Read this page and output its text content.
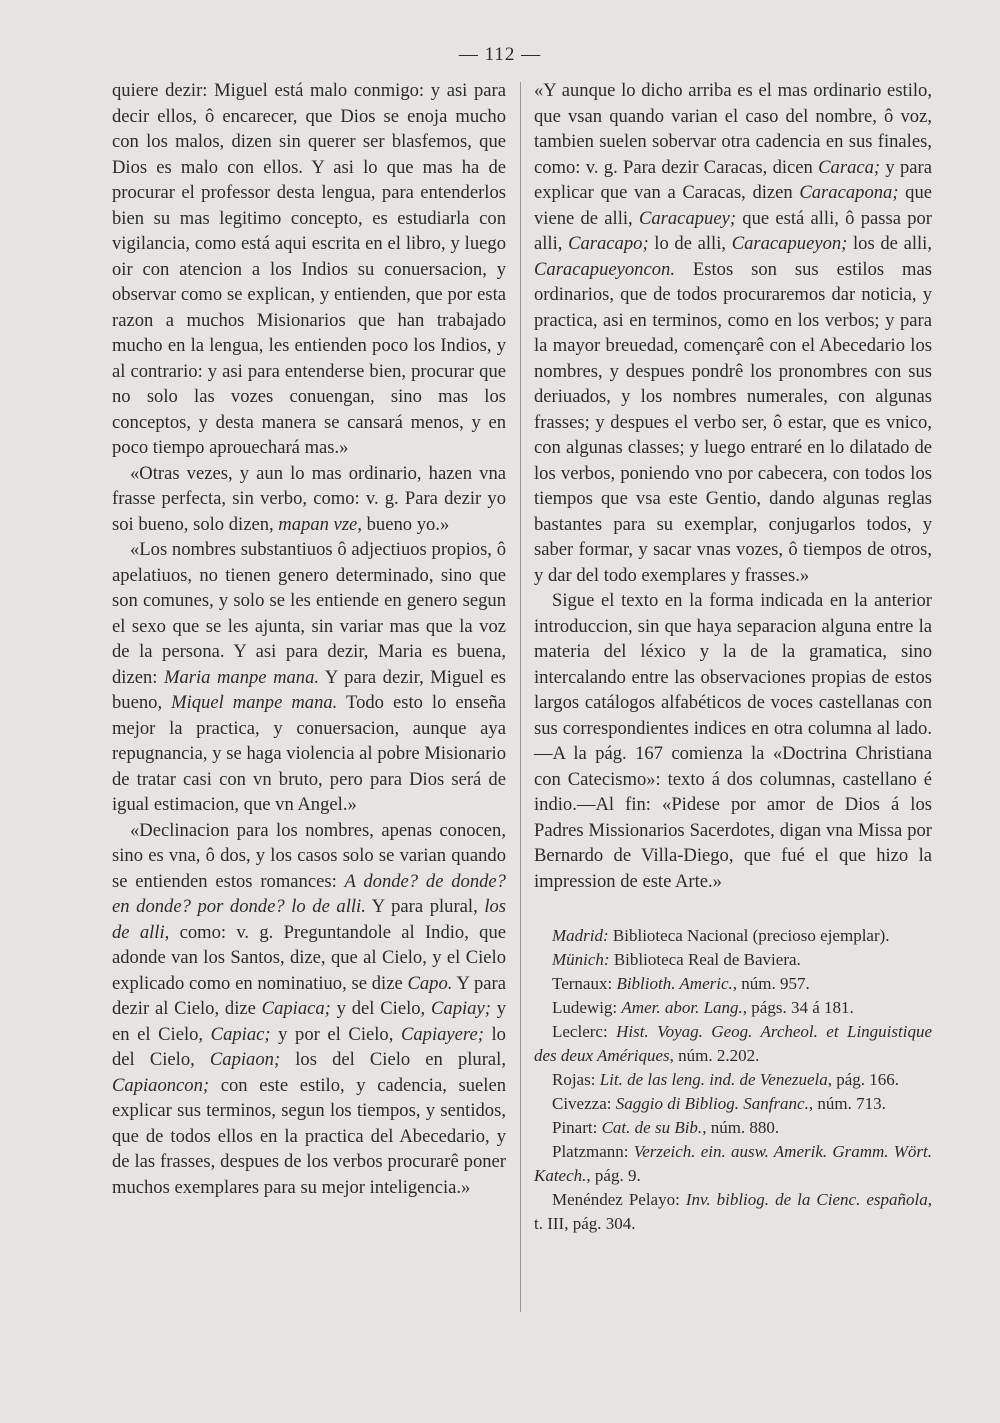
— 112 —

quiere dezir: Miguel está malo conmigo: y asi para decir ellos, ô encarecer, que Dios se enoja mucho con los malos, dizen sin querer ser blasfemos, que Dios es malo con ellos. Y asi lo que mas ha de procurar el professor desta lengua, para entenderlos bien su mas legitimo concepto, es estudiarla con vigilancia, como está aqui escrita en el libro, y luego oir con atencion a los Indios su conuersacion, y observar como se explican, y entienden, que por esta razon a muchos Misionarios que han trabajado mucho en la lengua, les entienden poco los Indios, y al contrario: y asi para entenderse bien, procurar que no solo las vozes conuengan, sino mas los conceptos, y desta manera se cansará menos, y en poco tiempo aprouechará mas.»

«Otras vezes, y aun lo mas ordinario, hazen vna frasse perfecta, sin verbo, como: v. g. Para dezir yo soi bueno, solo dizen, mapan vze, bueno yo.»

«Los nombres substantiuos ô adjectiuos propios, ô apelatiuos, no tienen genero determinado, sino que son comunes, y solo se les entiende en genero segun el sexo que se les ajunta, sin variar mas que la voz de la persona. Y asi para dezir, Maria es buena, dizen: Maria manpe mana. Y para dezir, Miguel es bueno, Miquel manpe mana. Todo esto lo enseña mejor la practica, y conuersacion, aunque aya repugnancia, y se haga violencia al pobre Misionario de tratar casi con vn bruto, pero para Dios será de igual estimacion, que vn Angel.»

«Declinacion para los nombres, apenas conocen, sino es vna, ô dos, y los casos solo se varian quando se entienden estos romances: A donde? de donde? en donde? por donde? lo de alli. Y para plural, los de alli, como: v. g. Preguntandole al Indio, que adonde van los Santos, dize, que al Cielo, y el Cielo explicado como en nominatiuo, se dize Capo. Y para dezir al Cielo, dize Capiaca; y del Cielo, Capiay; y en el Cielo, Capiac; y por el Cielo, Capiayere; lo del Cielo, Capiaon; los del Cielo en plural, Capiaoncon; con este estilo, y cadencia, suelen explicar sus terminos, segun los tiempos, y sentidos, que de todos ellos en la practica del Abecedario, y de las frasses, despues de los verbos procurarê poner muchos exemplares para su mejor inteligencia.»

«Y aunque lo dicho arriba es el mas ordinario estilo, que vsan quando varian el caso del nombre, ô voz, tambien suelen sobervar otra cadencia en sus finales, como: v. g. Para dezir Caracas, dicen Caraca; y para explicar que van a Caracas, dizen Caracapona; que viene de alli, Caracapuey; que está alli, ô passa por alli, Caracapo; lo de alli, Caracapueyon; los de alli, Caracapueyoncon. Estos son sus estilos mas ordinarios, que de todos procuraremos dar noticia, y practica, asi en terminos, como en los verbos; y para la mayor breuedad, començarê con el Abecedario los nombres, y despues pondrê los pronombres con sus deriuados, y los nombres numerales, con algunas frasses; y despues el verbo ser, ô estar, que es vnico, con algunas classes; y luego entraré en lo dilatado de los verbos, poniendo vno por cabecera, con todos los tiempos que vsa este Gentio, dando algunas reglas bastantes para su exemplar, conjugarlos todos, y saber formar, y sacar vnas vozes, ô tiempos de otros, y dar del todo exemplares y frasses.»

Sigue el texto en la forma indicada en la anterior introduccion, sin que haya separacion alguna entre la materia del léxico y la de la gramatica, sino intercalando entre las observaciones propias de estos largos catálogos alfabéticos de voces castellanas con sus correspondientes indices en otra columna al lado.—A la pág. 167 comienza la «Doctrina Christiana con Catecismo»: texto á dos columnas, castellano é indio.—Al fin: «Pidese por amor de Dios á los Padres Missionarios Sacerdotes, digan vna Missa por Bernardo de Villa-Diego, que fué el que hizo la impression de este Arte.»

Madrid: Biblioteca Nacional (precioso ejemplar).

Münich: Biblioteca Real de Baviera.

Ternaux: Biblioth. Americ., núm. 957.

Ludewig: Amer. abor. Lang., págs. 34 á 181.

Leclerc: Hist. Voyag. Geog. Archeol. et Linguistique des deux Amériques, núm. 2.202.

Rojas: Lit. de las leng. ind. de Venezuela, pág. 166.

Civezza: Saggio di Bibliog. Sanfranc., núm. 713.

Pinart: Cat. de su Bib., núm. 880.

Platzmann: Verzeich. ein. ausw. Amerik. Gramm. Wört. Katech., pág. 9.

Menéndez Pelayo: Inv. bibliog. de la Cienc. española, t. III, pág. 304.
